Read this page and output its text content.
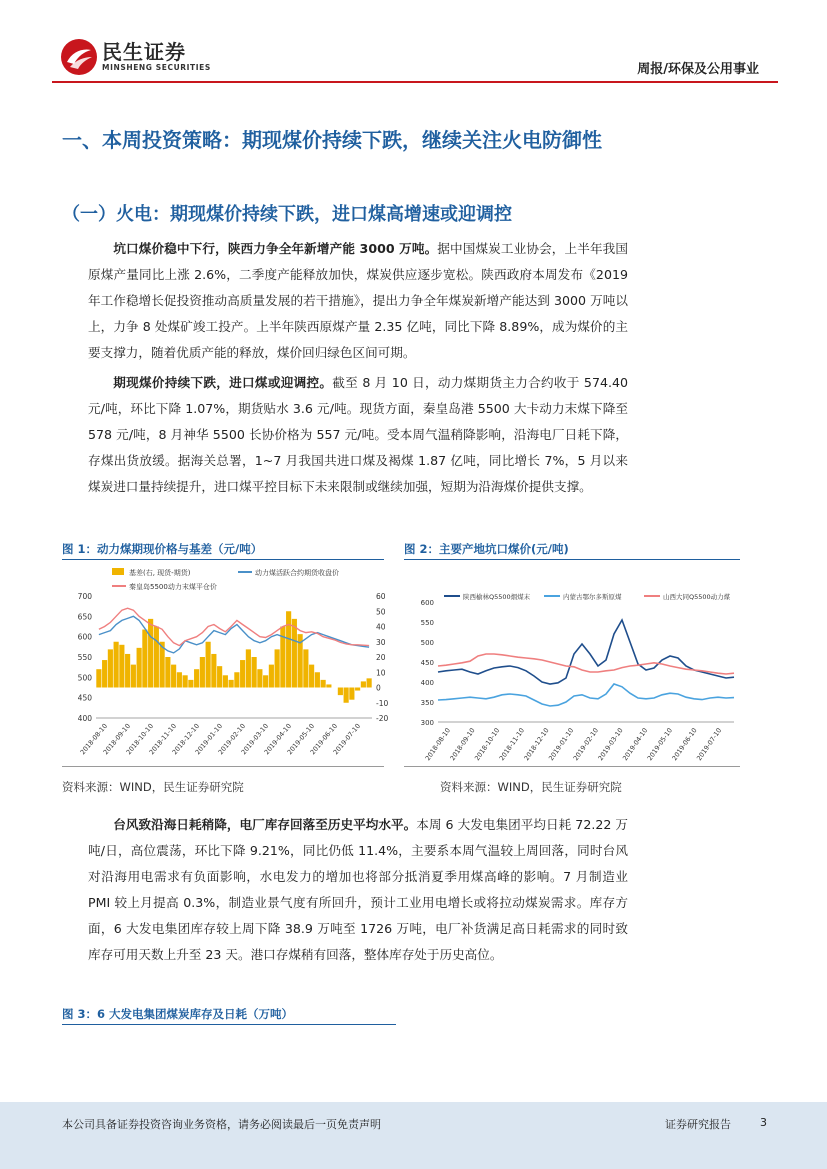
民生证券
MINSHENG SECURITIES	周报/环保及公用事业
一、本周投资策略：期现煤价持续下跌，继续关注火电防御性
（一）火电：期现煤价持续下跌，进口煤高增速或迎调控
坑口煤价稳中下行，陕西力争全年新增产能 3000 万吨。据中国煤炭工业协会，上半年我国原煤产量同比上涨 2.6%，二季度产能释放加快，煤炭供应逐步宽松。陕西政府本周发布《2019 年工作稳增长促投资推动高质量发展的若干措施》，提出力争全年煤炭新增产能达到 3000 万吨以上，力争 8 处煤矿竣工投产。上半年陕西原煤产量 2.35 亿吨，同比下降 8.89%，成为煤价的主要支撑力，随着优质产能的释放，煤价回归绿色区间可期。
期现煤价持续下跌，进口煤或迎调控。截至 8 月 10 日，动力煤期货主力合约收于 574.40 元/吨，环比下降 1.07%，期货贴水 3.6 元/吨。现货方面，秦皇岛港 5500 大卡动力末煤下降至 578 元/吨，8 月神华 5500 长协价格为 557 元/吨。受本周气温稍降影响，沿海电厂日耗下降，存煤出货放缓。据海关总署，1~7 月我国共进口煤及褐煤 1.87 亿吨，同比增长 7%，5 月以来煤炭进口量持续提升，进口煤平控目标下未来限制或继续加强，短期为沿海煤价提供支撑。
图 1：动力煤期现价格与基差（元/吨）
基差(右, 现货-期货)	动力煤活跃合约期货收盘价
秦皇岛5500动力末煤平仓价
700
650
600
550
500
450
400
60
50
40
30
20
10
0
-10
-20
2018-08-10
2018-09-10
2018-10-10
2018-11-10
2018-12-10
2019-01-10
2019-02-10
2019-03-10
2019-04-10
2019-05-10
2019-06-10
2019-07-10
资料来源：WIND，民生证券研究院
图 2：主要产地坑口煤价(元/吨)
陕西榆林Q5500烟煤末	内蒙古鄂尔多斯原煤	山西大同Q5500动力煤
600
550
500
450
400
350
300
2018-08-10
2018-09-10
2018-10-10
2018-11-10
2018-12-10
2019-01-10
2019-02-10
2019-03-10
2019-04-10
2019-05-10
2019-06-10
2019-07-10
资料来源：WIND，民生证券研究院
台风致沿海日耗稍降，电厂库存回落至历史平均水平。本周 6 大发电集团平均日耗 72.22 万吨/日，高位震荡，环比下降 9.21%，同比仍低 11.4%，主要系本周气温较上周回落，同时台风对沿海用电需求有负面影响，水电发力的增加也将部分抵消夏季用煤高峰的影响。7 月制造业 PMI 较上月提高 0.3%，制造业景气度有所回升，预计工业用电增长或将拉动煤炭需求。库存方面，6 大发电集团库存较上周下降 38.9 万吨至 1726 万吨，电厂补货满足高日耗需求的同时致库存可用天数上升至 23 天。港口存煤稍有回落，整体库存处于历史高位。
图 3：6 大发电集团煤炭库存及日耗（万吨）
本公司具备证券投资咨询业务资格，请务必阅读最后一页免责声明	证券研究报告	3
